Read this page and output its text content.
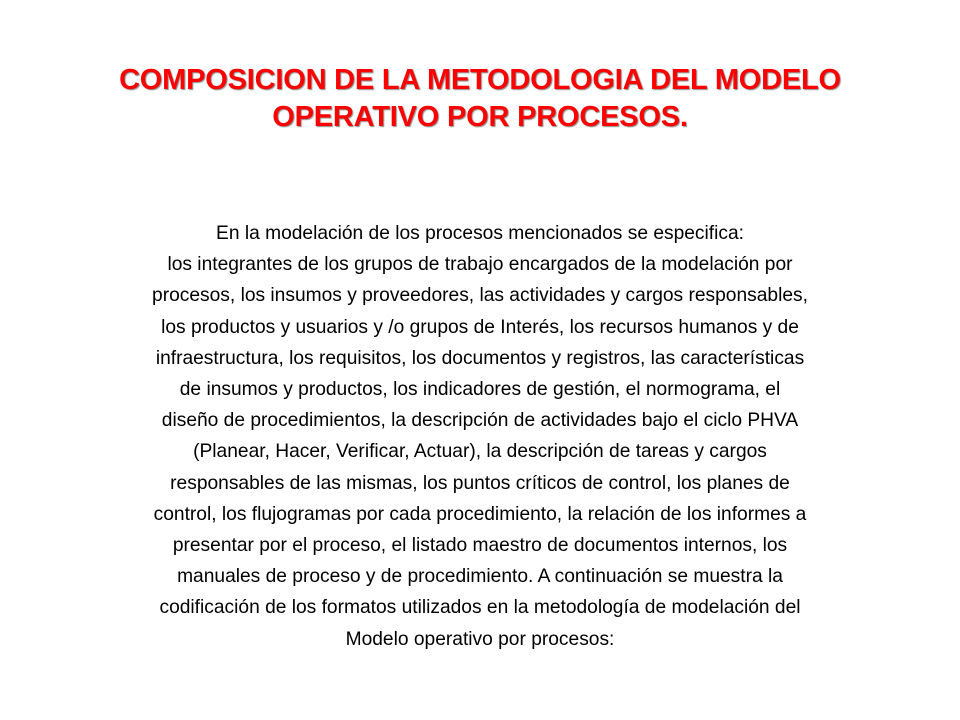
COMPOSICION DE LA METODOLOGIA DEL MODELO
OPERATIVO POR PROCESOS.
En la modelación de los procesos mencionados se especifica:
los integrantes de los grupos de trabajo encargados de la modelación por
procesos, los insumos y proveedores, las actividades y cargos responsables,
los productos y usuarios y /o grupos de Interés, los recursos humanos y de
infraestructura, los requisitos, los documentos y registros, las características
de insumos y productos, los indicadores de gestión, el normograma, el
diseño de procedimientos, la descripción de actividades bajo el ciclo PHVA
(Planear, Hacer, Verificar, Actuar), la descripción de tareas y cargos
responsables de las mismas, los puntos críticos de control, los planes de
control, los flujogramas por cada procedimiento, la relación de los informes a
presentar por el proceso, el listado maestro de documentos internos, los
manuales de proceso y de procedimiento. A continuación se muestra la
codificación de los formatos utilizados en la metodología de modelación del
Modelo operativo por procesos:
